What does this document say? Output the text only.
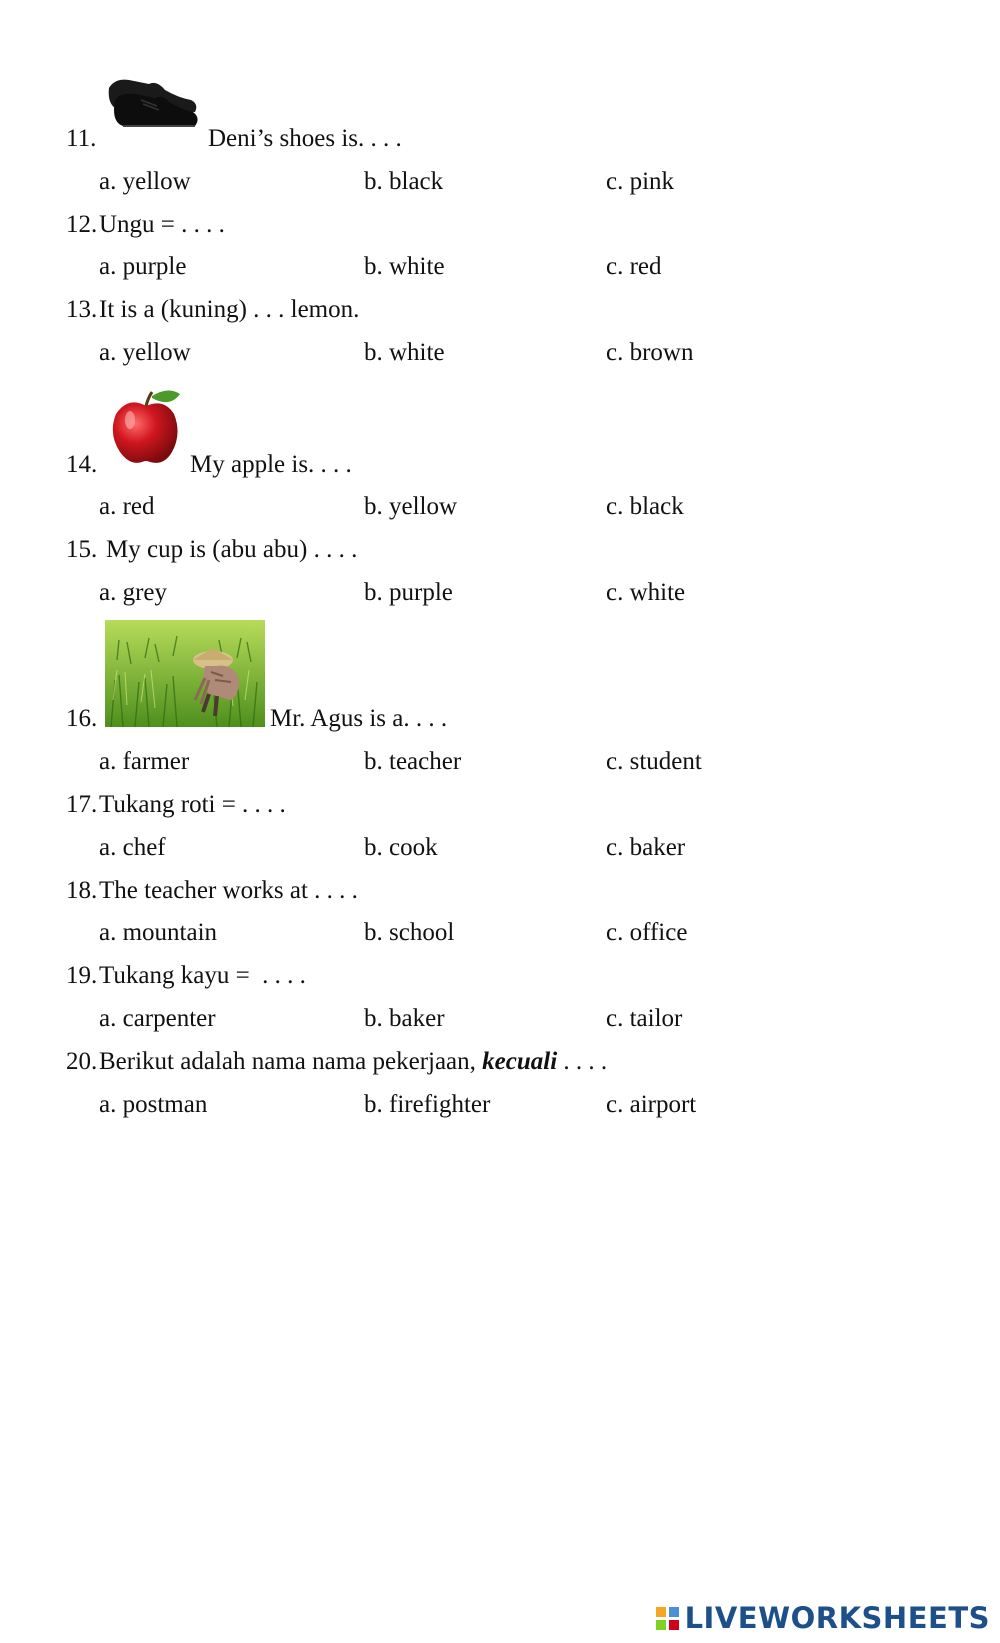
11.	Deni’s shoes is. . . .
a. yellow	b. black	c. pink
12. Ungu = . . . .
a. purple	b. white	c. red
13. It is a (kuning) . . . lemon.
a. yellow	b. white	c. brown
14.	My apple is. . . .
a. red	b. yellow	c. black
15. My cup is (abu abu) . . . .
a. grey	b. purple	c. white
16.	Mr. Agus is a. . . .
a. farmer	b. teacher	c. student
17. Tukang roti = . . . .
a. chef	b. cook	c. baker
18. The teacher works at . . . .
a. mountain	b. school	c. office
19. Tukang kayu =  . . . .
a. carpenter	b. baker	c. tailor
20. Berikut adalah nama nama pekerjaan, kecuali . . . .
a. postman	b. firefighter	c. airport
LIVEWORKSHEETS
